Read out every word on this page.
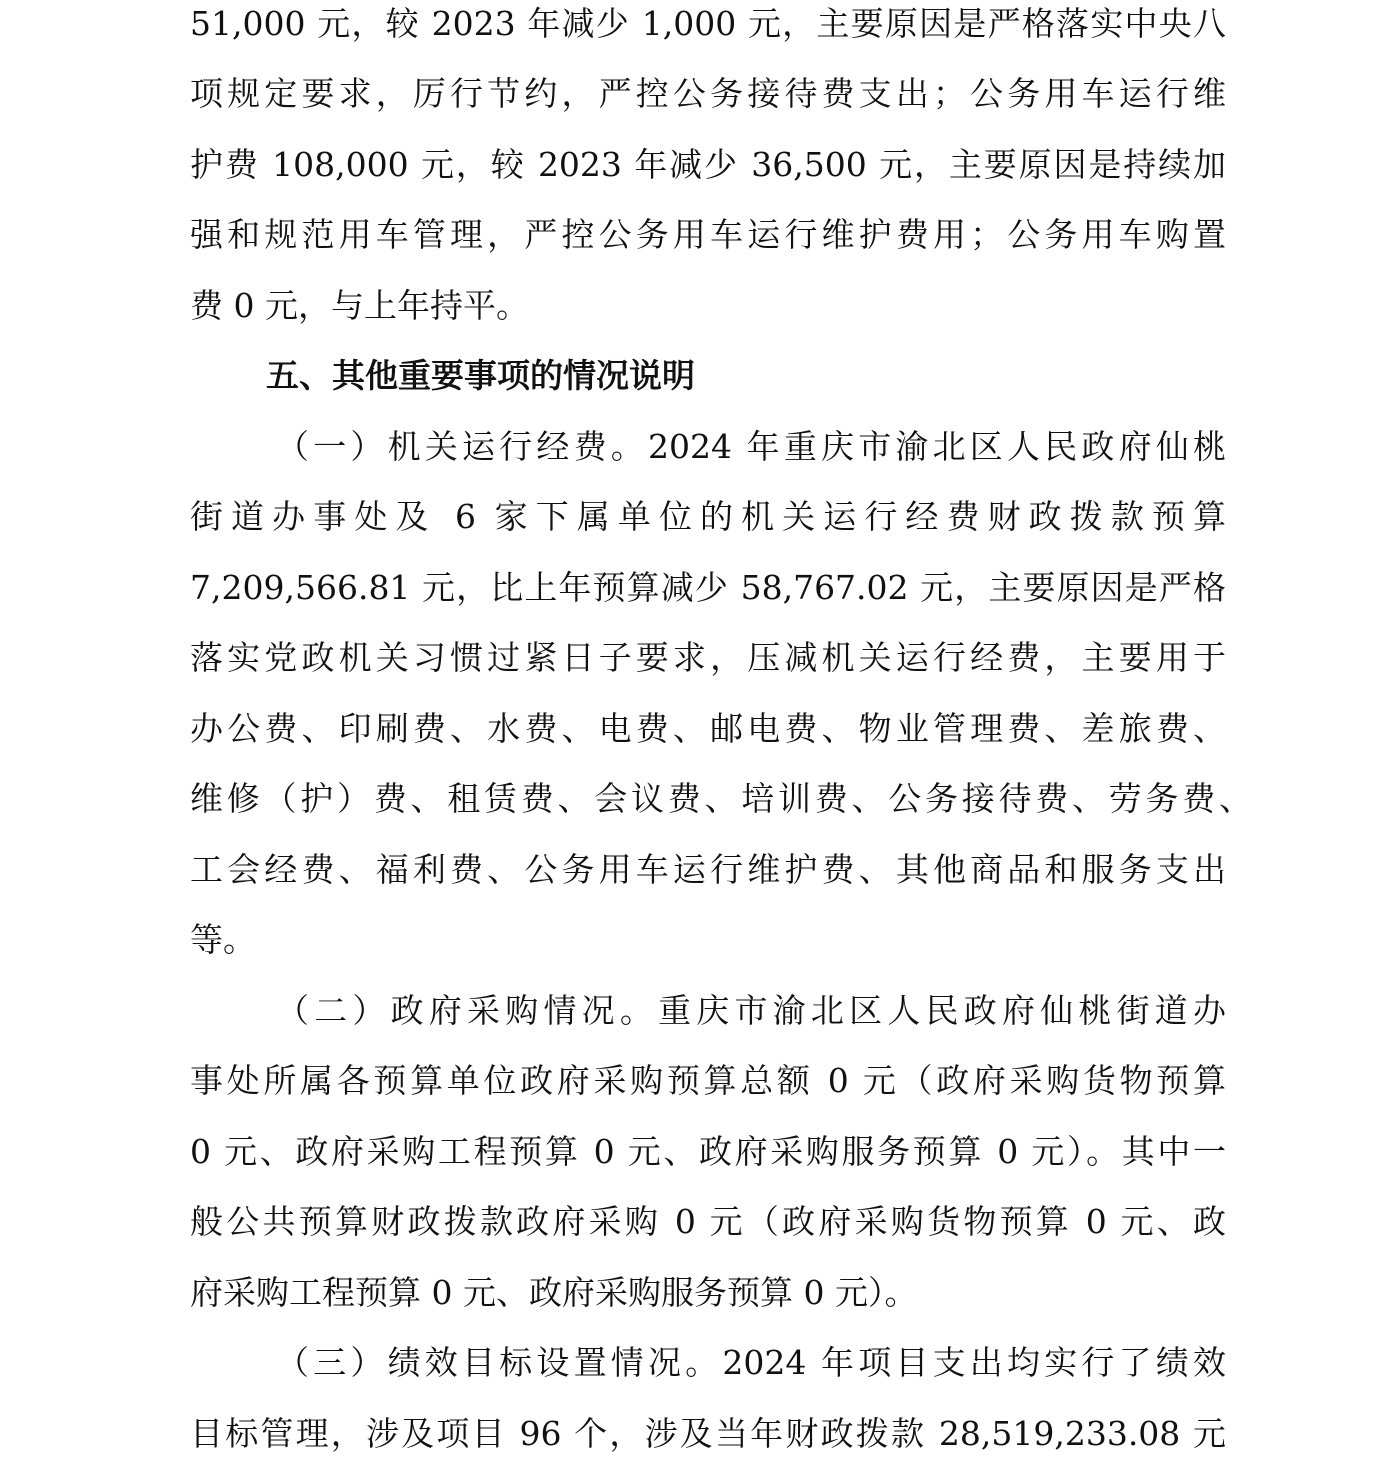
51,000 元，较 2023 年减少 1,000 元，主要原因是严格落实中央八
项规定要求，厉行节约，严控公务接待费支出；公务用车运行维
护费 108,000 元，较 2023 年减少 36,500 元，主要原因是持续加
强和规范用车管理，严控公务用车运行维护费用；公务用车购置
费 0 元，与上年持平。
五、其他重要事项的情况说明
（一）机关运行经费。2024 年重庆市渝北区人民政府仙桃
街道办事处及 6 家下属单位的机关运行经费财政拨款预算
7,209,566.81 元，比上年预算减少 58,767.02 元，主要原因是严格
落实党政机关习惯过紧日子要求，压减机关运行经费，主要用于
办公费、印刷费、水费、电费、邮电费、物业管理费、差旅费、
维修（护）费、租赁费、会议费、培训费、公务接待费、劳务费、
工会经费、福利费、公务用车运行维护费、其他商品和服务支出
等。
（二）政府采购情况。重庆市渝北区人民政府仙桃街道办
事处所属各预算单位政府采购预算总额 0 元（政府采购货物预算
0 元、政府采购工程预算 0 元、政府采购服务预算 0 元）。其中一
般公共预算财政拨款政府采购 0 元（政府采购货物预算 0 元、政
府采购工程预算 0 元、政府采购服务预算 0 元）。
（三）绩效目标设置情况。2024 年项目支出均实行了绩效
目标管理，涉及项目 96 个，涉及当年财政拨款 28,519,233.08 元
